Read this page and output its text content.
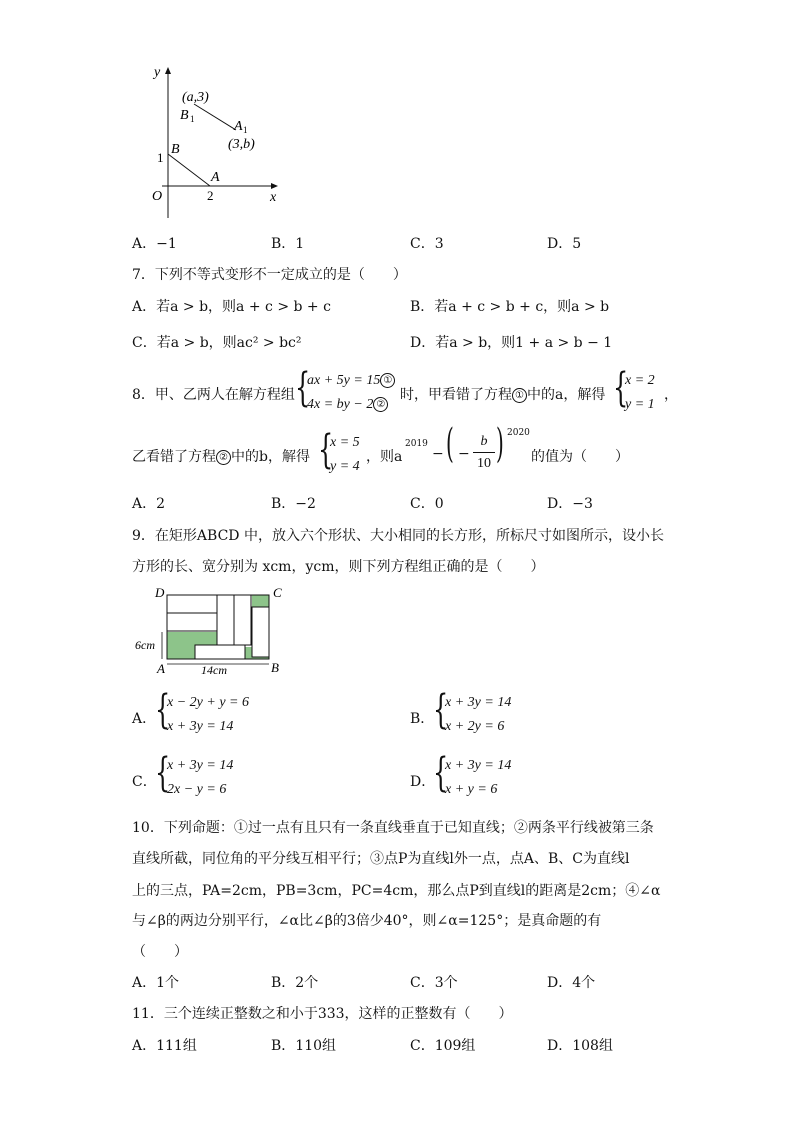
y
x
O
(a,3)
B 1	A 1
(3,b)
B
1
A
2
A．−1	B．1	C．3	D．5
7．下列不等式变形不一定成立的是（　　）
A．若a > b，则a + c > b + c	B．若a + c > b + c，则a > b
C．若a > b，则ac² > bc²	D．若a > b，则1 + a > b − 1
8．甲、乙两人在解方程组 {
ax + 5y = 15 ①
4x = by − 2 ②
时，甲看错了方程 ① 中的a，解得 {
x = 2
y = 1
，
乙看错了方程 ② 中的b，解得 {
x = 5
y = 4
，则a
2019
− ( −
b
10 ) 2020
的值为（　　）
A．2	B．−2	C．0	D．−3
9．在矩形ABCD 中，放入六个形状、大小相同的长方形，所标尺寸如图所示，设小长
方形的长、宽分别为 xcm，ycm，则下列方程组正确的是（　　）
D	C
A	B
6cm
14cm
A．
{
x − 2y + y = 6
x + 3y = 14	B．
{
x + 3y = 14
x + 2y = 6
C．
{
x + 3y = 14
2x − y = 6	D．
{
x + 3y = 14
x + y = 6
10．下列命题：①过一点有且只有一条直线垂直于已知直线；②两条平行线被第三条
直线所截，同位角的平分线互相平行；③点P为直线l外一点，点A、B、C为直线l
上的三点，PA=2cm，PB=3cm，PC=4cm，那么点P到直线l的距离是2cm；④∠α
与∠β的两边分别平行，∠α比∠β的3倍少40°，则∠α=125°；是真命题的有
（　　）
A．1个	B．2个	C．3个	D．4个
11．三个连续正整数之和小于333，这样的正整数有（　　）
A．111组	B．110组	C．109组	D．108组
